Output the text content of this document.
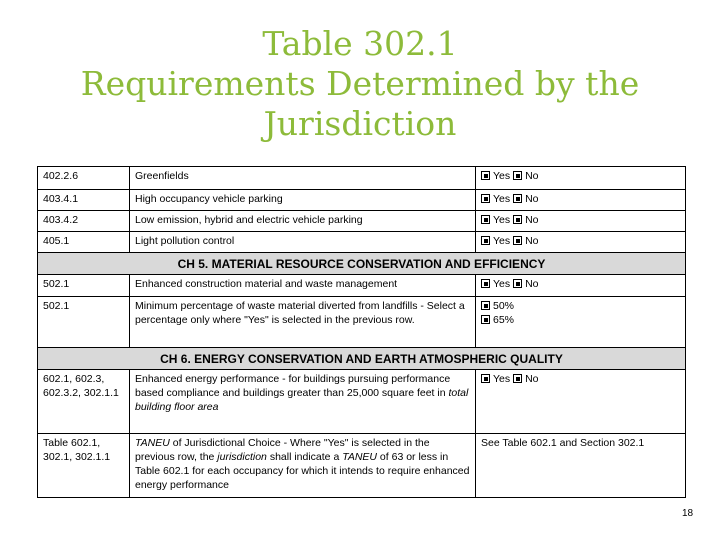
Table 302.1
Requirements Determined by the
Jurisdiction
402.2.6	Greenfields	Yes No
403.4.1	High occupancy vehicle parking	Yes No
403.4.2	Low emission, hybrid and electric vehicle parking	Yes No
405.1	Light pollution control	Yes No
CH 5. MATERIAL RESOURCE CONSERVATION AND EFFICIENCY		
502.1	Enhanced construction material and waste management	Yes No
502.1	Minimum percentage of waste material diverted from landfills - Select a percentage only where "Yes" is selected in the previous row.	50%
65%

CH 6. ENERGY CONSERVATION AND EARTH ATMOSPHERIC QUALITY		
602.1, 602.3, 602.3.2, 302.1.1	Enhanced energy performance - for buildings pursuing performance based compliance and buildings greater than 25,000 square feet in total building floor area	Yes No
Table 602.1, 302.1, 302.1.1	TANEU of Jurisdictional Choice - Where "Yes" is selected in the previous row, the jurisdiction shall indicate a TANEU of 63 or less in Table 602.1 for each occupancy for which it intends to require enhanced energy performance	See Table 602.1 and Section 302.1
18
